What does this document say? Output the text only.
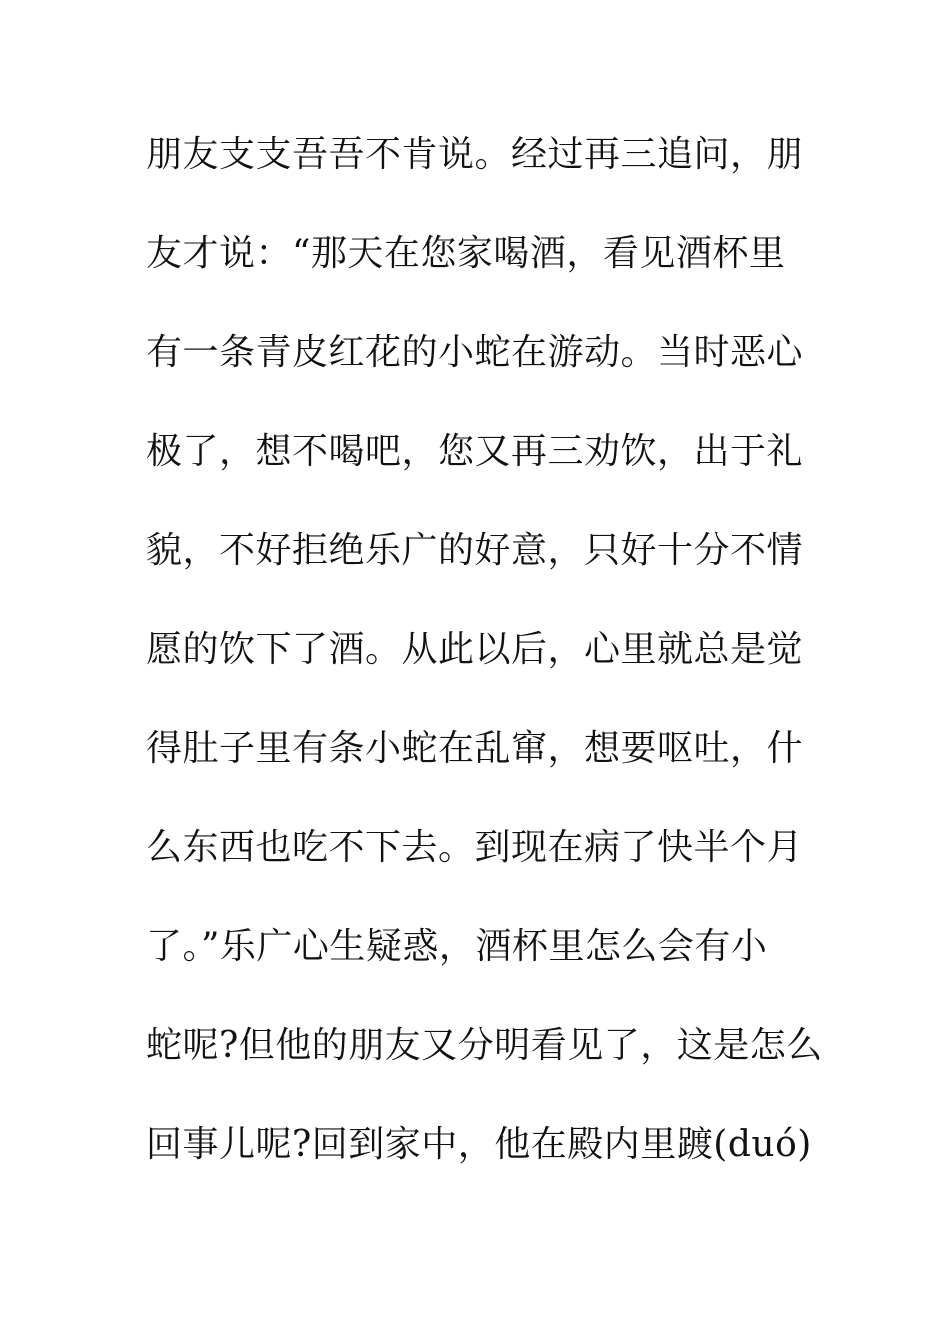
朋友支支吾吾不肯说。经过再三追问，朋
友才说：“那天在您家喝酒，看见酒杯里
有一条青皮红花的小蛇在游动。当时恶心
极了，想不喝吧，您又再三劝饮，出于礼
貌，不好拒绝乐广的好意，只好十分不情
愿的饮下了酒。从此以后，心里就总是觉
得肚子里有条小蛇在乱窜，想要呕吐，什
么东西也吃不下去。到现在病了快半个月
了。”乐广心生疑惑，酒杯里怎么会有小
蛇呢?但他的朋友又分明看见了，这是怎么
回事儿呢?回到家中，他在殿内里踱(duó)
